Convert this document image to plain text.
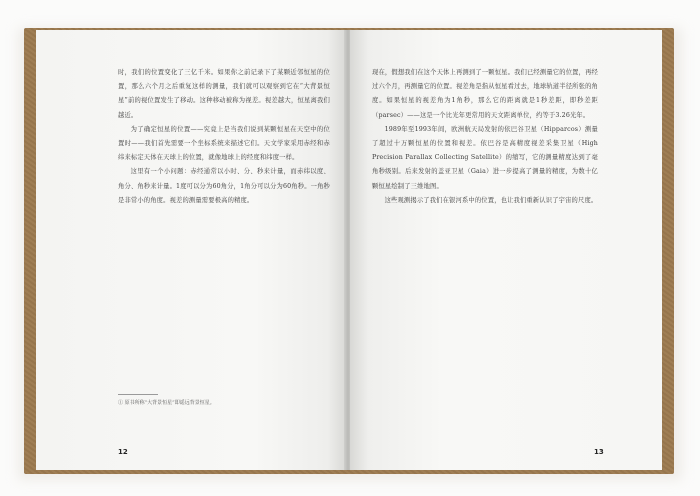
时，我们的位置变化了三亿千米。如果你之前记录下了某颗近邻恒星的位置，那么六个月之后重复这样的测量，我们就可以观察到它在“大背景恒星”前的视位置发生了移动。这种移动被称为视差。视差越大，恒星离我们越近。

为了确定恒星的位置——究竟上是当我们说到某颗恒星在天空中的位置时——我们首先需要一个坐标系统来描述它们。天文学家采用赤经和赤纬来标定天体在天球上的位置，就像地球上的经度和纬度一样。

这里有一个小问题：赤经通常以小时、分、秒来计量，而赤纬以度、角分、角秒来计量。1度可以分为60角分，1角分可以分为60角秒。一角秒是非常小的角度。视差的测量需要极高的精度。

① 原书所称“大背景恒星”即遥远背景恒星。
12

现在，假想我们在这个天体上再测到了一颗恒星。我们已经测量它的位置，再经过六个月，再测量它的位置。视差角是指从恒星看过去，地球轨道半径所张的角度。如果恒星的视差角为1角秒，那么它的距离就是1秒差距，即秒差距（parsec）——这是一个比光年更常用的天文距离单位，约等于3.26光年。

1989年至1993年间，欧洲航天局发射的依巴谷卫星（Hipparcos）测量了超过十万颗恒星的位置和视差。依巴谷是高精度视差采集卫星（High Precision Parallax Collecting Satellite）的缩写，它的测量精度达到了毫角秒级别。后来发射的盖亚卫星（Gaia）进一步提高了测量的精度，为数十亿颗恒星绘制了三维地图。

这些观测揭示了我们在银河系中的位置，也让我们重新认识了宇宙的尺度。

13
